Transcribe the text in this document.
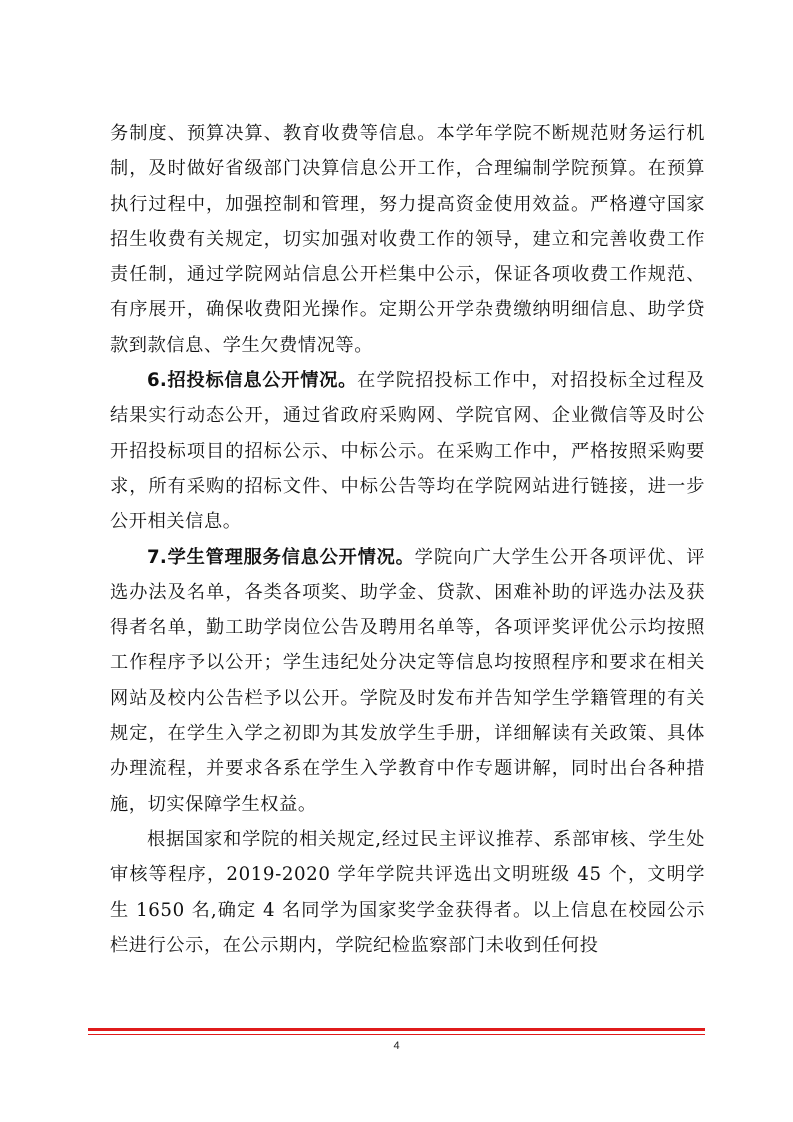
务制度、预算决算、教育收费等信息。本学年学院不断规范财务运行机制，及时做好省级部门决算信息公开工作，合理编制学院预算。在预算执行过程中，加强控制和管理，努力提高资金使用效益。严格遵守国家招生收费有关规定，切实加强对收费工作的领导，建立和完善收费工作责任制，通过学院网站信息公开栏集中公示，保证各项收费工作规范、有序展开，确保收费阳光操作。定期公开学杂费缴纳明细信息、助学贷款到款信息、学生欠费情况等。

6.招投标信息公开情况。在学院招投标工作中，对招投标全过程及结果实行动态公开，通过省政府采购网、学院官网、企业微信等及时公开招投标项目的招标公示、中标公示。在采购工作中，严格按照采购要求，所有采购的招标文件、中标公告等均在学院网站进行链接，进一步公开相关信息。

7.学生管理服务信息公开情况。学院向广大学生公开各项评优、评选办法及名单，各类各项奖、助学金、贷款、困难补助的评选办法及获得者名单，勤工助学岗位公告及聘用名单等，各项评奖评优公示均按照工作程序予以公开；学生违纪处分决定等信息均按照程序和要求在相关网站及校内公告栏予以公开。学院及时发布并告知学生学籍管理的有关规定，在学生入学之初即为其发放学生手册，详细解读有关政策、具体办理流程，并要求各系在学生入学教育中作专题讲解，同时出台各种措施，切实保障学生权益。

根据国家和学院的相关规定,经过民主评议推荐、系部审核、学生处审核等程序，2019-2020 学年学院共评选出文明班级 45 个，文明学生 1650 名,确定 4 名同学为国家奖学金获得者。以上信息在校园公示栏进行公示，在公示期内，学院纪检监察部门未收到任何投

4
